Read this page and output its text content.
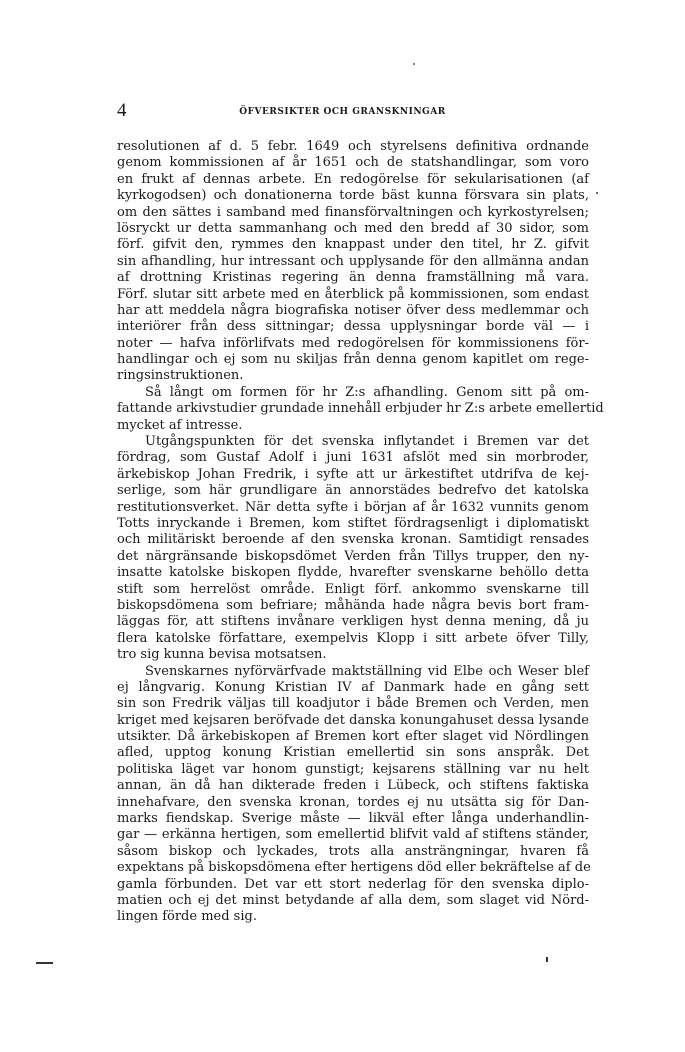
4	ÖFVERSIKTER OCH GRANSKNINGAR
resolutionen af d. 5 febr. 1649 och styrelsens definitiva ordnande
genom kommissionen af år 1651 och de statshandlingar, som voro
en frukt af dennas arbete. En redogörelse för sekularisationen (af
kyrkogodsen) och donationerna torde bäst kunna försvara sin plats,
om den sättes i samband med finansförvaltningen och kyrkostyrelsen;
lösryckt ur detta sammanhang och med den bredd af 30 sidor, som
förf. gifvit den, rymmes den knappast under den titel, hr Z. gifvit
sin afhandling, hur intressant och upplysande för den allmänna andan
af drottning Kristinas regering än denna framställning må vara.
Förf. slutar sitt arbete med en återblick på kommissionen, som endast
har att meddela några biografiska notiser öfver dess medlemmar och
interiörer från dess sittningar; dessa upplysningar borde väl — i
noter — hafva införlifvats med redogörelsen för kommissionens för-
handlingar och ej som nu skiljas från denna genom kapitlet om rege-
ringsinstruktionen.
Så långt om formen för hr Z:s afhandling. Genom sitt på om-
fattande arkivstudier grundade innehåll erbjuder hr Z:s arbete emellertid
mycket af intresse.
Utgångspunkten för det svenska inflytandet i Bremen var det
fördrag, som Gustaf Adolf i juni 1631 afslöt med sin morbroder,
ärkebiskop Johan Fredrik, i syfte att ur ärkestiftet utdrifva de kej-
serlige, som här grundligare än annorstädes bedrefvo det katolska
restitutionsverket. När detta syfte i början af år 1632 vunnits genom
Totts inryckande i Bremen, kom stiftet fördragsenligt i diplomatiskt
och militäriskt beroende af den svenska kronan. Samtidigt rensades
det närgränsande biskopsdömet Verden från Tillys trupper, den ny-
insatte katolske biskopen flydde, hvarefter svenskarne behöllo detta
stift som herrelöst område. Enligt förf. ankommo svenskarne till
biskopsdömena som befriare; måhända hade några bevis bort fram-
läggas för, att stiftens invånare verkligen hyst denna mening, då ju
flera katolske författare, exempelvis Klopp i sitt arbete öfver Tilly,
tro sig kunna bevisa motsatsen.
Svenskarnes nyförvärfvade maktställning vid Elbe och Weser blef
ej långvarig. Konung Kristian IV af Danmark hade en gång sett
sin son Fredrik väljas till koadjutor i både Bremen och Verden, men
kriget med kejsaren beröfvade det danska konungahuset dessa lysande
utsikter. Då ärkebiskopen af Bremen kort efter slaget vid Nördlingen
afled, upptog konung Kristian emellertid sin sons anspråk. Det
politiska läget var honom gunstigt; kejsarens ställning var nu helt
annan, än då han dikterade freden i Lübeck, och stiftens faktiska
innehafvare, den svenska kronan, tordes ej nu utsätta sig för Dan-
marks fiendskap. Sverige måste — likväl efter långa underhandlin-
gar — erkänna hertigen, som emellertid blifvit vald af stiftens ständer,
såsom biskop och lyckades, trots alla ansträngningar, hvaren få
expektans på biskopsdömena efter hertigens död eller bekräftelse af de
gamla förbunden. Det var ett stort nederlag för den svenska diplo-
matien och ej det minst betydande af alla dem, som slaget vid Nörd-
lingen förde med sig.
